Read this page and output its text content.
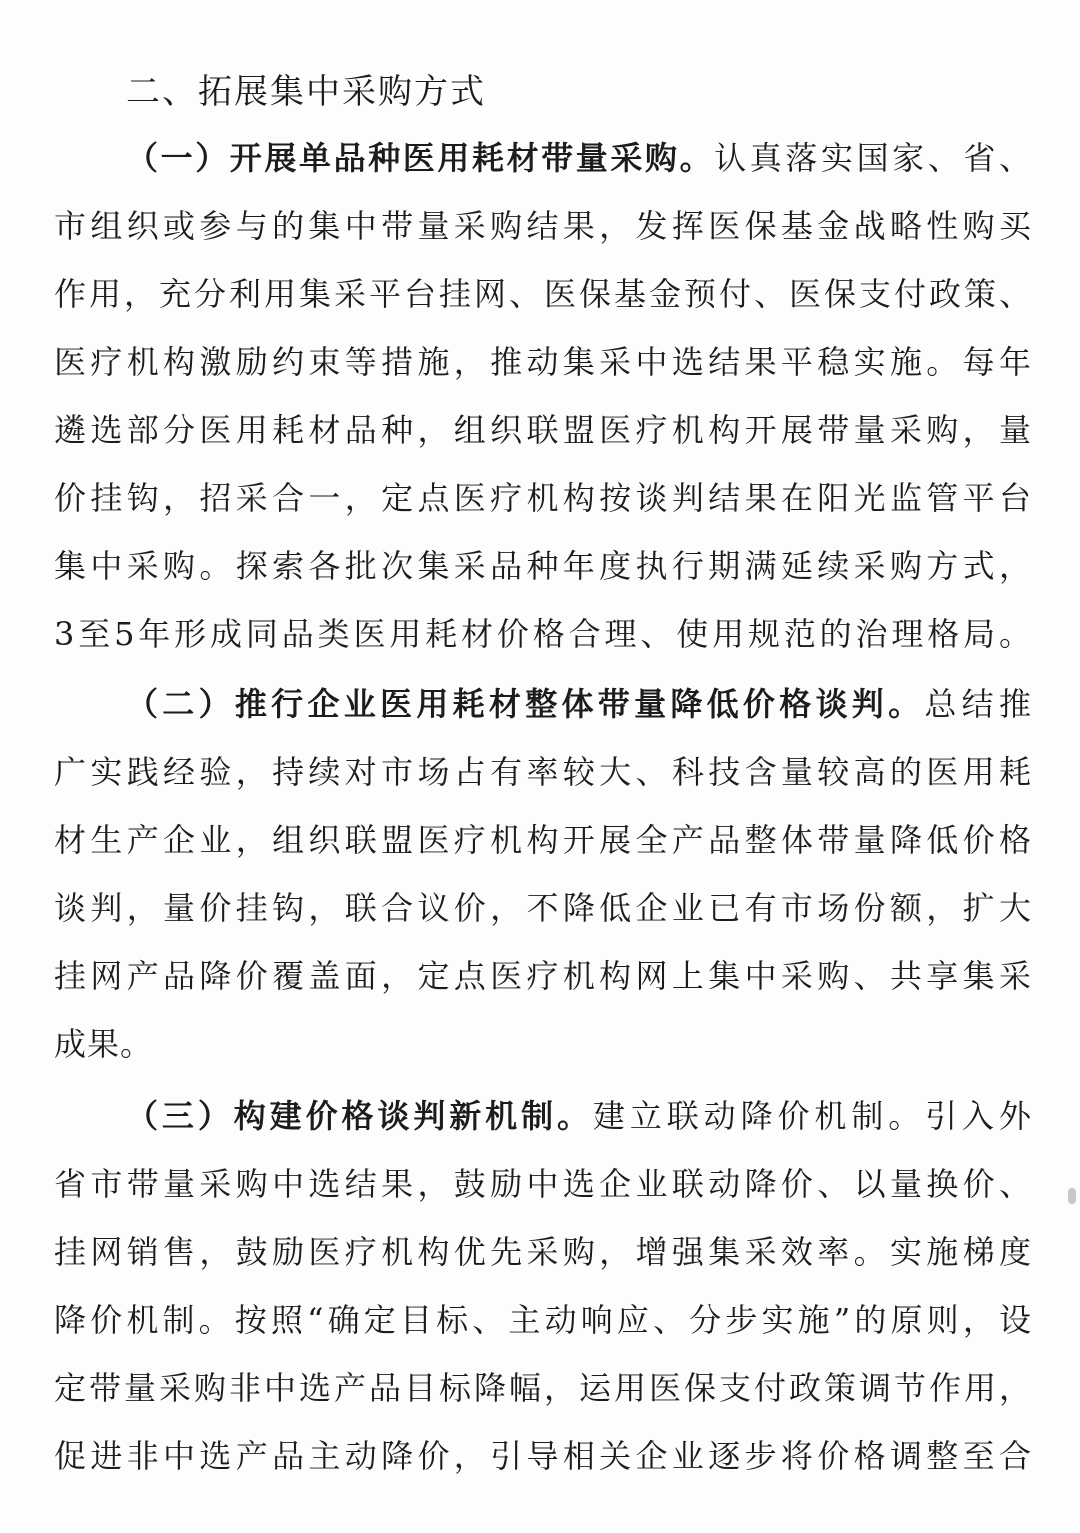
二、拓展集中采购方式
（一）开展单品种医用耗材带量采购。认真落实国家、省、
市组织或参与的集中带量采购结果，发挥医保基金战略性购买
作用，充分利用集采平台挂网、医保基金预付、医保支付政策、
医疗机构激励约束等措施，推动集采中选结果平稳实施。每年
遴选部分医用耗材品种，组织联盟医疗机构开展带量采购，量
价挂钩，招采合一，定点医疗机构按谈判结果在阳光监管平台
集中采购。探索各批次集采品种年度执行期满延续采购方式，
3至5年形成同品类医用耗材价格合理、使用规范的治理格局。
（二）推行企业医用耗材整体带量降低价格谈判。总结推
广实践经验，持续对市场占有率较大、科技含量较高的医用耗
材生产企业，组织联盟医疗机构开展全产品整体带量降低价格
谈判，量价挂钩，联合议价，不降低企业已有市场份额，扩大
挂网产品降价覆盖面，定点医疗机构网上集中采购、共享集采
成果。
（三）构建价格谈判新机制。建立联动降价机制。引入外
省市带量采购中选结果，鼓励中选企业联动降价、以量换价、
挂网销售，鼓励医疗机构优先采购，增强集采效率。实施梯度
降价机制。按照“确定目标、主动响应、分步实施”的原则，设
定带量采购非中选产品目标降幅，运用医保支付政策调节作用，
促进非中选产品主动降价，引导相关企业逐步将价格调整至合
